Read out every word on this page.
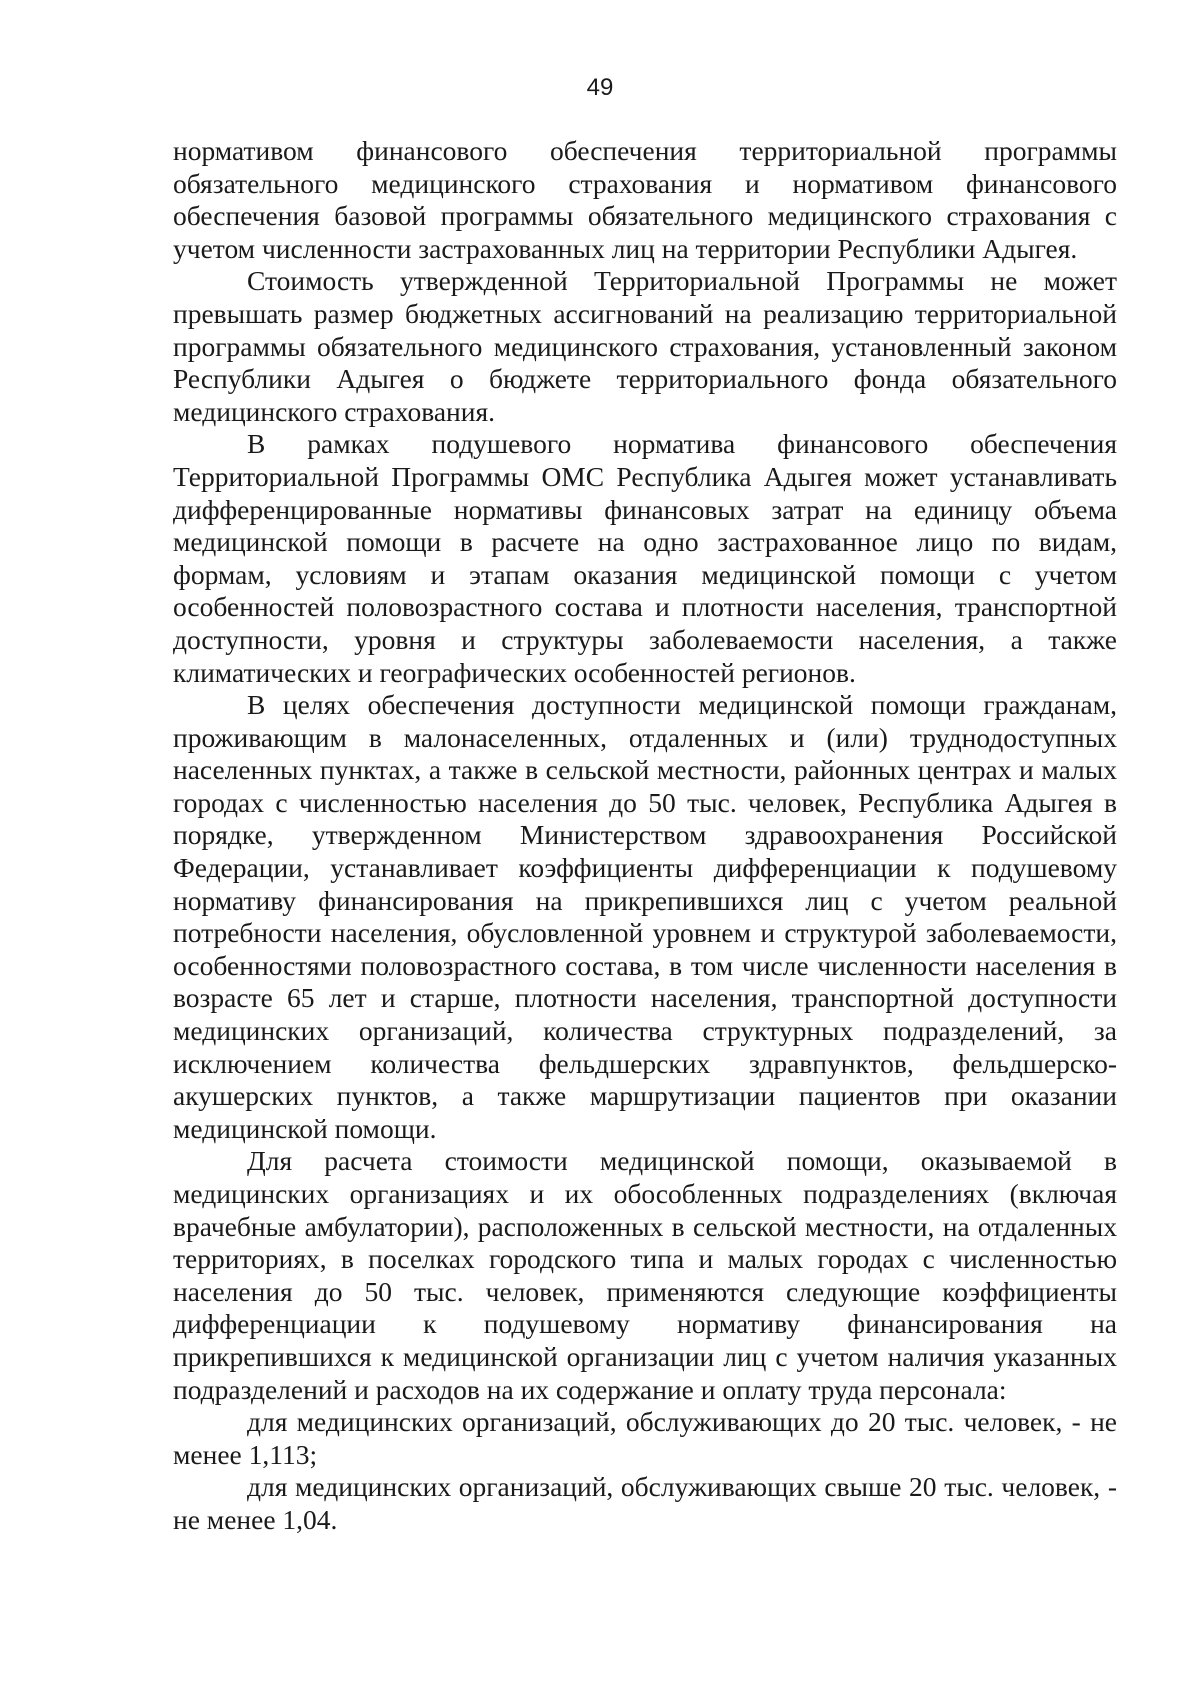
49

нормативом финансового обеспечения территориальной программы обязательного медицинского страхования и нормативом финансового обеспечения базовой программы обязательного медицинского страхования с учетом численности застрахованных лиц на территории Республики Адыгея.

Стоимость утвержденной Территориальной Программы не может превышать размер бюджетных ассигнований на реализацию территориальной программы обязательного медицинского страхования, установленный законом Республики Адыгея о бюджете территориального фонда обязательного медицинского страхования.

В рамках подушевого норматива финансового обеспечения Территориальной Программы ОМС Республика Адыгея может устанавливать дифференцированные нормативы финансовых затрат на единицу объема медицинской помощи в расчете на одно застрахованное лицо по видам, формам, условиям и этапам оказания медицинской помощи с учетом особенностей половозрастного состава и плотности населения, транспортной доступности, уровня и структуры заболеваемости населения, а также климатических и географических особенностей регионов.

В целях обеспечения доступности медицинской помощи гражданам, проживающим в малонаселенных, отдаленных и (или) труднодоступных населенных пунктах, а также в сельской местности, районных центрах и малых городах с численностью населения до 50 тыс. человек, Республика Адыгея в порядке, утвержденном Министерством здравоохранения Российской Федерации, устанавливает коэффициенты дифференциации к подушевому нормативу финансирования на прикрепившихся лиц с учетом реальной потребности населения, обусловленной уровнем и структурой заболеваемости, особенностями половозрастного состава, в том числе численности населения в возрасте 65 лет и старше, плотности населения, транспортной доступности медицинских организаций, количества структурных подразделений, за исключением количества фельдшерских здравпунктов, фельдшерско-акушерских пунктов, а также маршрутизации пациентов при оказании медицинской помощи.

Для расчета стоимости медицинской помощи, оказываемой в медицинских организациях и их обособленных подразделениях (включая врачебные амбулатории), расположенных в сельской местности, на отдаленных территориях, в поселках городского типа и малых городах с численностью населения до 50 тыс. человек, применяются следующие коэффициенты дифференциации к подушевому нормативу финансирования на прикрепившихся к медицинской организации лиц с учетом наличия указанных подразделений и расходов на их содержание и оплату труда персонала:

для медицинских организаций, обслуживающих до 20 тыс. человек, - не менее 1,113;

для медицинских организаций, обслуживающих свыше 20 тыс. человек, - не менее 1,04.
